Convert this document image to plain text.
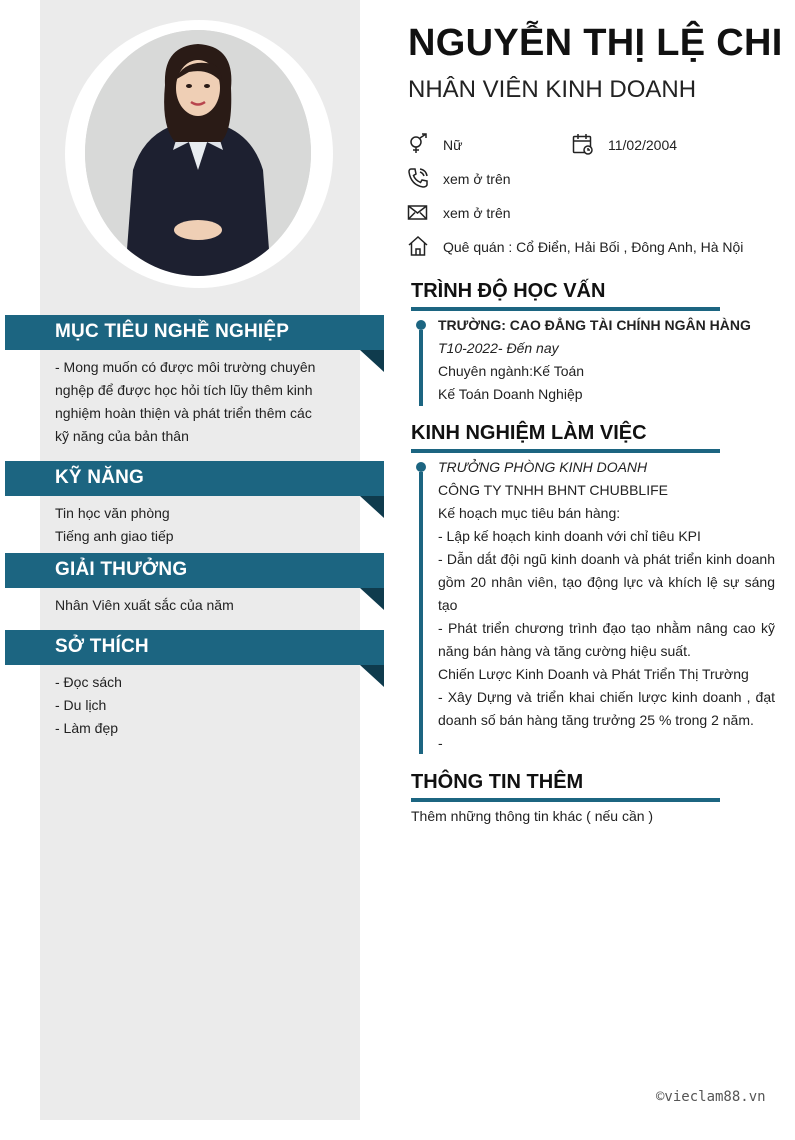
NGUYỄN THỊ LỆ CHI
NHÂN VIÊN KINH DOANH
Nữ	11/02/2004
xem ở trên
xem ở trên
Quê quán : Cổ Điển, Hải Bối , Đông Anh, Hà Nội
MỤC TIÊU NGHỀ NGHIỆP
- Mong muốn có được môi trường chuyên
nghệp để được học hỏi tích lũy thêm kinh
nghiệm hoàn thiện và phát triển thêm các
kỹ năng của bản thân
KỸ NĂNG
Tin học văn phòng
Tiếng anh giao tiếp
GIẢI THƯỞNG
Nhân Viên xuất sắc của năm
SỞ THÍCH
- Đọc sách
- Du lịch
- Làm đẹp
TRÌNH ĐỘ HỌC VẤN
TRƯỜNG: CAO ĐẲNG TÀI CHÍNH NGÂN HÀNG
T10-2022- Đến nay
Chuyên ngành:Kế Toán
Kế Toán Doanh Nghiệp
KINH NGHIỆM LÀM VIỆC
TRƯỞNG PHÒNG KINH DOANH
CÔNG TY TNHH BHNT CHUBBLIFE
Kế hoạch mục tiêu bán hàng:
- Lập kế hoạch kinh doanh với chỉ tiêu KPI
- Dẫn dắt đội ngũ kinh doanh và phát triển kinh doanh gồm 20 nhân viên, tạo động lực và khích lệ sự sáng tạo
- Phát triển chương trình đạo tạo nhằm nâng cao kỹ năng bán hàng và tăng cường hiệu suất.
Chiến Lược Kinh Doanh và Phát Triển Thị Trường
- Xây Dựng và triển khai chiến lược kinh doanh , đạt doanh số bán hàng tăng trưởng 25 % trong 2 năm.
-
THÔNG TIN THÊM
Thêm những thông tin khác ( nếu cần )
©vieclam88.vn
